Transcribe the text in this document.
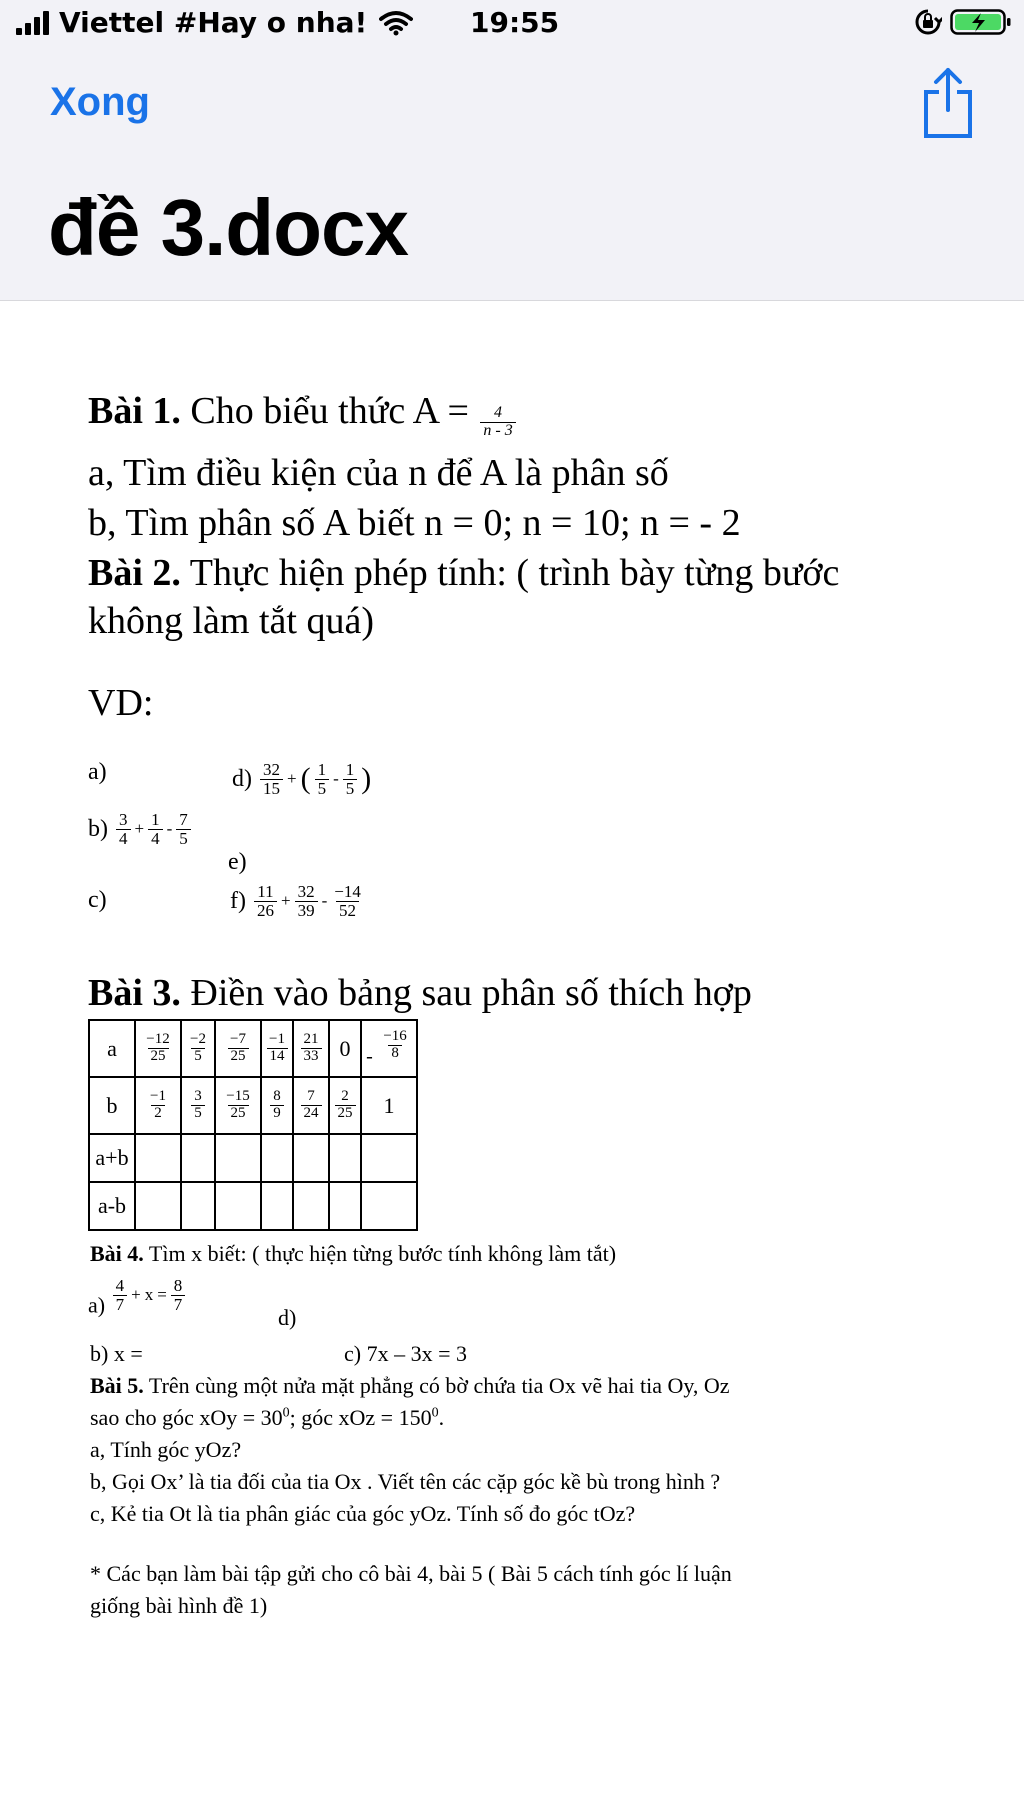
Viettel #Hay o nha!	19:55
Xong
đề 3.docx
Bài 1. Cho biểu thức $A = \frac{4}{n - 3}$
a, Tìm điều kiện của n để A là phân số
b, Tìm phân số A biết n = 0; n = 10; n = - 2
Bài 2. Thực hiện phép tính: ( trình bày từng bước
không làm tắt quá)
VD:
a)	$d) \frac{32}{15}$ + ( $\frac{1}{5} - \frac{1}{5}$ )
$b) \frac{3}{4} + \frac{1}{4} - \frac{7}{5}$
e)
c)	$f) \frac{11}{26} + \frac{32}{39} - \frac{-14}{52}$
Bài 3. Điền vào bảng sau phân số thích hợp
a	$\frac{-12}{25}$	$\frac{-2}{5}$	$\frac{-7}{25}$	$\frac{-1}{14}$	$\frac{21}{33}$	0	- $\frac{-16}{8}$

b	$\frac{-1}{2}$	$\frac{3}{5}$	$\frac{-15}{25}$	$\frac{8}{9}$	$\frac{7}{24}$	$\frac{2}{25}$	1
a+b							
a-b							
Bài 4. Tìm x biết: ( thực hiện từng bước tính không làm tắt)
$a) \frac{4}{7} + x = \frac{8}{7}$
d)
b) x =	c) 7x – 3x = 3
Bài 5. Trên cùng một nửa mặt phẳng có bờ chứa tia Ox vẽ hai tia Oy, Oz
sao cho góc xOy = $30^0$; góc xOz = $150^0$.
a, Tính góc yOz?
b, Gọi Ox’ là tia đối của tia Ox . Viết tên các cặp góc kề bù trong hình ?
c, Kẻ tia Ot là tia phân giác của góc yOz. Tính số đo góc tOz?
* Các bạn làm bài tập gửi cho cô bài 4, bài 5 ( Bài 5 cách tính góc lí luận
giống bài hình đề 1)
